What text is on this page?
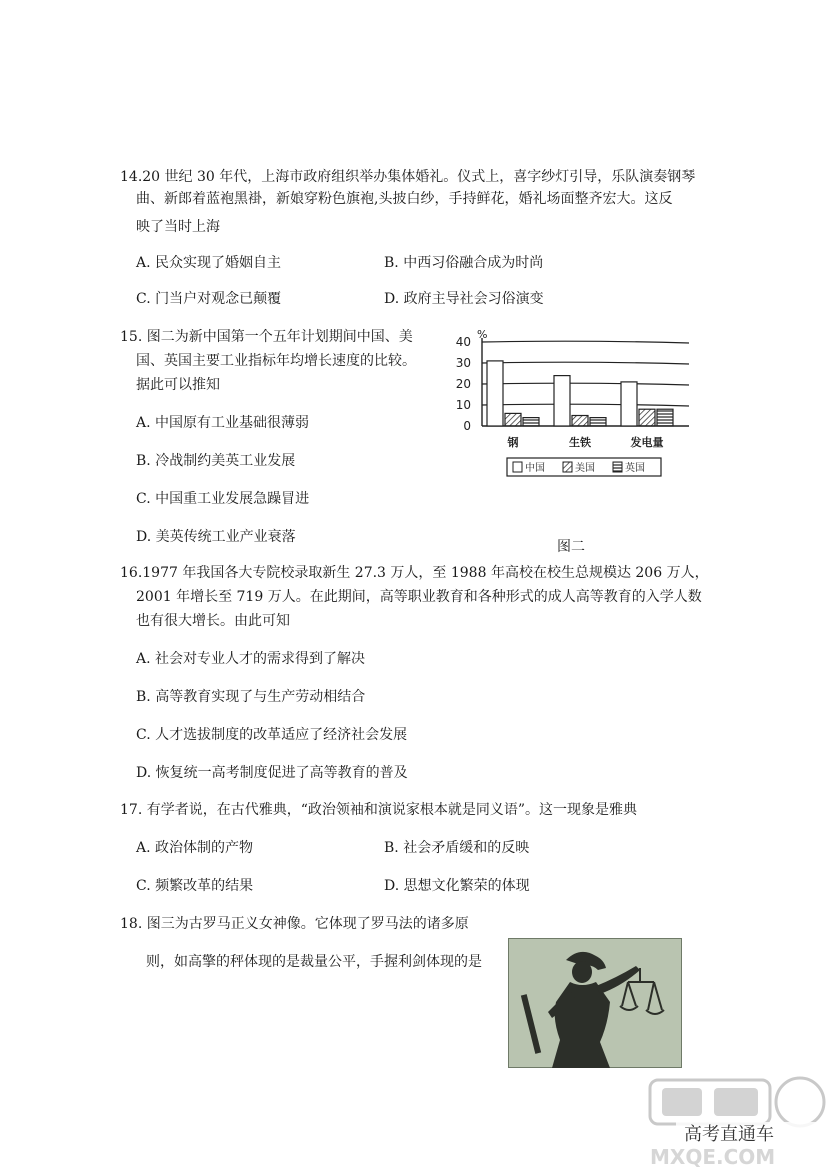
14.20 世纪 30 年代，上海市政府组织举办集体婚礼。仪式上，喜字纱灯引导，乐队演奏钢琴
曲、新郎着蓝袍黑褂，新娘穿粉色旗袍,头披白纱，手持鲜花，婚礼场面整齐宏大。这反
映了当时上海
A. 民众实现了婚姻自主	B. 中西习俗融合成为时尚
C. 门当户对观念已颠覆	D. 政府主导社会习俗演变
15. 图二为新中国第一个五年计划期间中国、美
国、英国主要工业指标年均增长速度的比较。
据此可以推知
A. 中国原有工业基础很薄弱
B. 冷战制约美英工业发展
C. 中国重工业发展急躁冒进
D. 美英传统工业产业衰落
%
0
10
20
30
40
钢	生铁	发电量
中国	美国	英国
图二
16.1977 年我国各大专院校录取新生 27.3 万人，至 1988 年高校在校生总规模达 206 万人，
2001 年增长至 719 万人。在此期间，高等职业教育和各种形式的成人高等教育的入学人数
也有很大增长。由此可知
A. 社会对专业人才的需求得到了解决
B. 高等教育实现了与生产劳动相结合
C. 人才选拔制度的改革适应了经济社会发展
D. 恢复统一高考制度促进了高等教育的普及
17. 有学者说，在古代雅典，“政治领袖和演说家根本就是同义语”。这一现象是雅典
A. 政治体制的产物	B. 社会矛盾缓和的反映
C. 频繁改革的结果	D. 思想文化繁荣的体现
18. 图三为古罗马正义女神像。它体现了罗马法的诸多原
则，如高擎的秤体现的是裁量公平，手握利剑体现的是
高考直通车
MXQE.COM
